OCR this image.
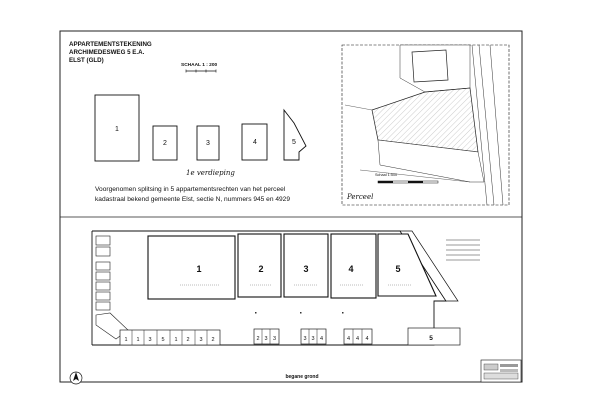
APPARTEMENTSTEKENING
ARCHIMEDESWEG 5 E.A.
ELST (GLD)
SCHAAL 1 : 200
1
2	3	4	5
1e verdieping
Voorgenomen splitsing in 5 appartementsrechten van het perceel
kadastraal bekend gemeente Elst, sectie N, nummers 945 en 4929
Schaal 1:500
Perceel
1	2	3	4	5
1 1 3 5 1 2 3 2	2 3 3	3 3 4	4 4 4	5
begane grond
